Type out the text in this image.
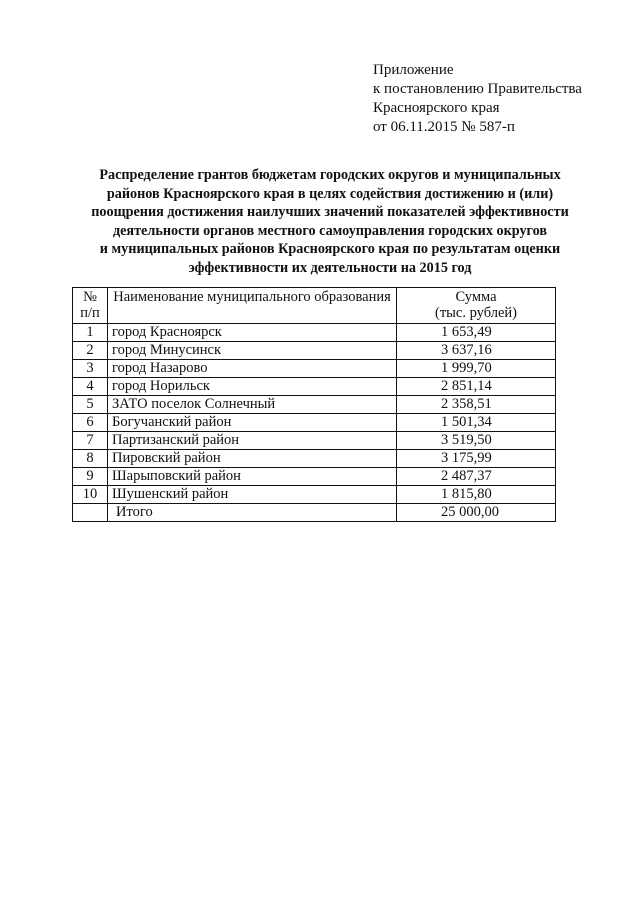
Приложение
к постановлению Правительства
Красноярского края
от 06.11.2015 № 587-п
Распределение грантов бюджетам городских округов и муниципальных
районов Красноярского края в целях содействия достижению и (или)
поощрения достижения наилучших значений показателей эффективности
деятельности органов местного самоуправления городских округов
и муниципальных районов Красноярского края по результатам оценки
эффективности их деятельности на 2015 год
№
п/п	Наименование муниципального образования	Сумма
(тыс. рублей)
1	город Красноярск	1 653,49
2	город Минусинск	3 637,16
3	город Назарово	1 999,70
4	город Норильск	2 851,14
5	ЗАТО поселок Солнечный	2 358,51
6	Богучанский район	1 501,34
7	Партизанский район	3 519,50
8	Пировский район	3 175,99
9	Шарыповский район	2 487,37
10	Шушенский район	1 815,80
	Итого	25 000,00
